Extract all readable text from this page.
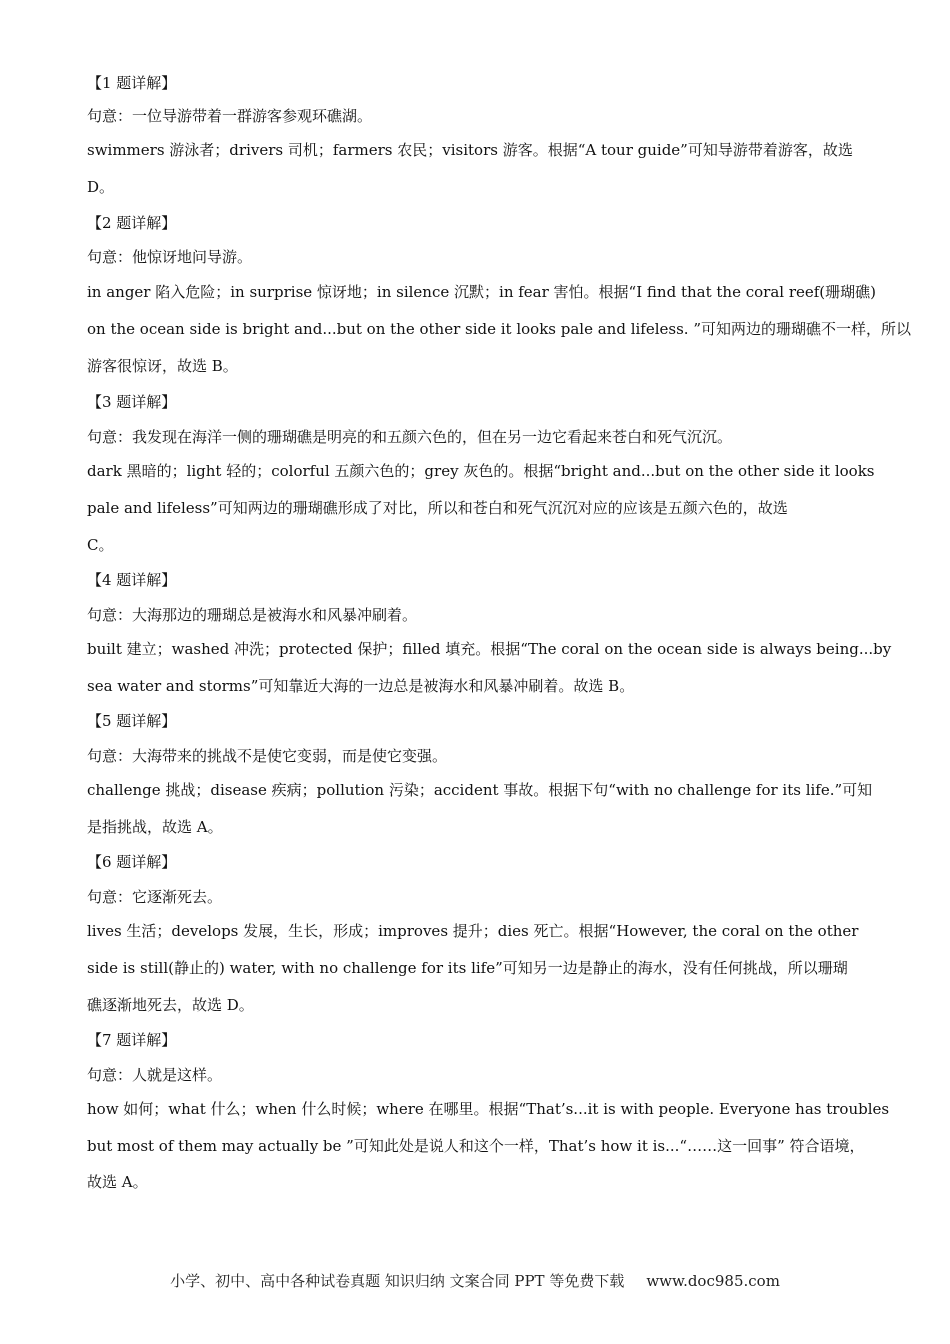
【1 题详解】
句意：一位导游带着一群游客参观环礁湖。
swimmers 游泳者；drivers 司机；farmers 农民；visitors 游客。根据“A tour guide”可知导游带着游客，故选
D。
【2 题详解】
句意：他惊讶地问导游。
in anger 陷入危险；in surprise 惊讶地；in silence 沉默；in fear 害怕。根据“I find that the coral reef(珊瑚礁)
on the ocean side is bright and...but on the other side it looks pale and lifeless. ”可知两边的珊瑚礁不一样，所以
游客很惊讶，故选 B。
【3 题详解】
句意：我发现在海洋一侧的珊瑚礁是明亮的和五颜六色的，但在另一边它看起来苍白和死气沉沉。
dark 黑暗的；light 轻的；colorful 五颜六色的；grey 灰色的。根据“bright and...but on the other side it looks
pale and lifeless”可知两边的珊瑚礁形成了对比，所以和苍白和死气沉沉对应的应该是五颜六色的，故选
C。
【4 题详解】
句意：大海那边的珊瑚总是被海水和风暴冲刷着。
built 建立；washed 冲洗；protected 保护；filled 填充。根据“The coral on the ocean side is always being...by
sea water and storms”可知靠近大海的一边总是被海水和风暴冲刷着。故选 B。
【5 题详解】
句意：大海带来的挑战不是使它变弱，而是使它变强。
challenge 挑战；disease 疾病；pollution 污染；accident 事故。根据下句“with no challenge for its life.”可知
是指挑战，故选 A。
【6 题详解】
句意：它逐渐死去。
lives 生活；develops 发展，生长，形成；improves 提升；dies 死亡。根据“However, the coral on the other
side is still(静止的) water, with no challenge for its life”可知另一边是静止的海水，没有任何挑战，所以珊瑚
礁逐渐地死去，故选 D。
【7 题详解】
句意：人就是这样。
how 如何；what 什么；when 什么时候；where 在哪里。根据“That’s...it is with people. Everyone has troubles
but most of them may actually be ”可知此处是说人和这个一样，That’s how it is...“……这一回事” 符合语境，
故选 A。
小学、初中、高中各种试卷真题 知识归纳 文案合同 PPT 等免费下载 www.doc985.com
